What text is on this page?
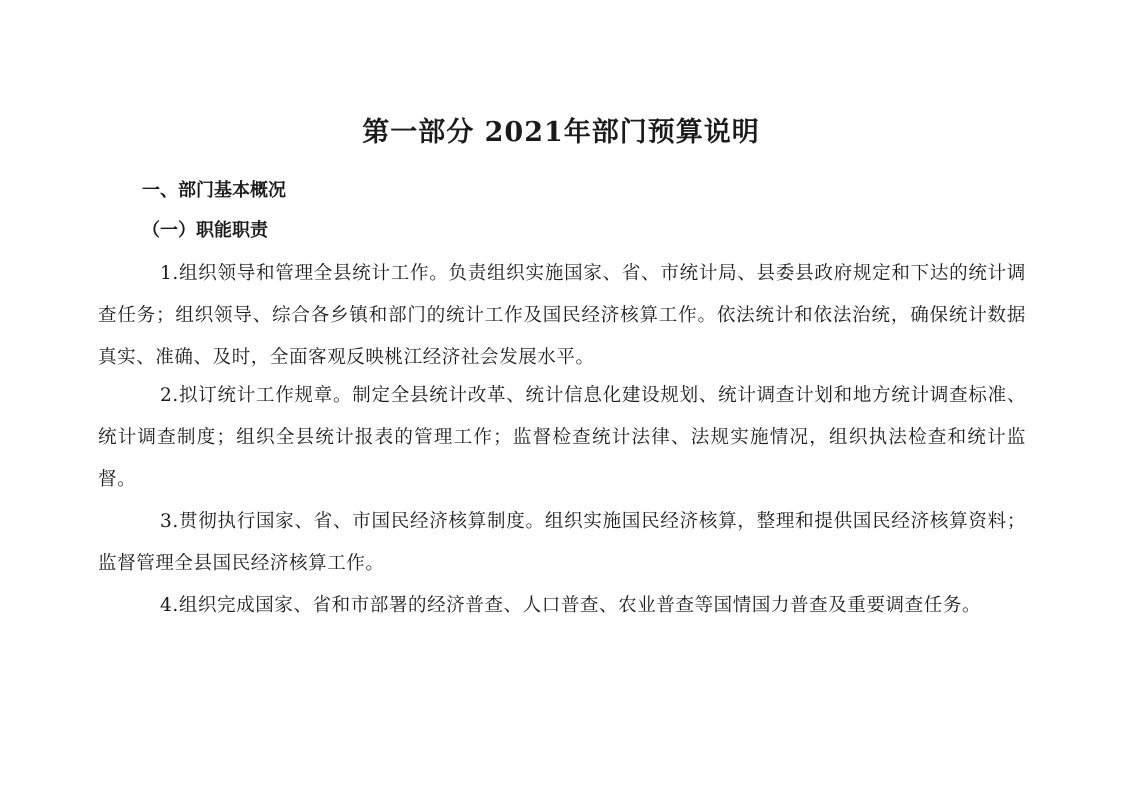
第一部分 2021年部门预算说明
一、部门基本概况
（一）职能职责

1.组织领导和管理全县统计工作。负责组织实施国家、省、市统计局、县委县政府规定和下达的统计调查任务；组织领导、综合各乡镇和部门的统计工作及国民经济核算工作。依法统计和依法治统，确保统计数据真实、准确、及时，全面客观反映桃江经济社会发展水平。

2.拟订统计工作规章。制定全县统计改革、统计信息化建设规划、统计调查计划和地方统计调查标准、统计调查制度；组织全县统计报表的管理工作；监督检查统计法律、法规实施情况，组织执法检查和统计监督。

3.贯彻执行国家、省、市国民经济核算制度。组织实施国民经济核算，整理和提供国民经济核算资料；监督管理全县国民经济核算工作。

4.组织完成国家、省和市部署的经济普查、人口普查、农业普查等国情国力普查及重要调查任务。
